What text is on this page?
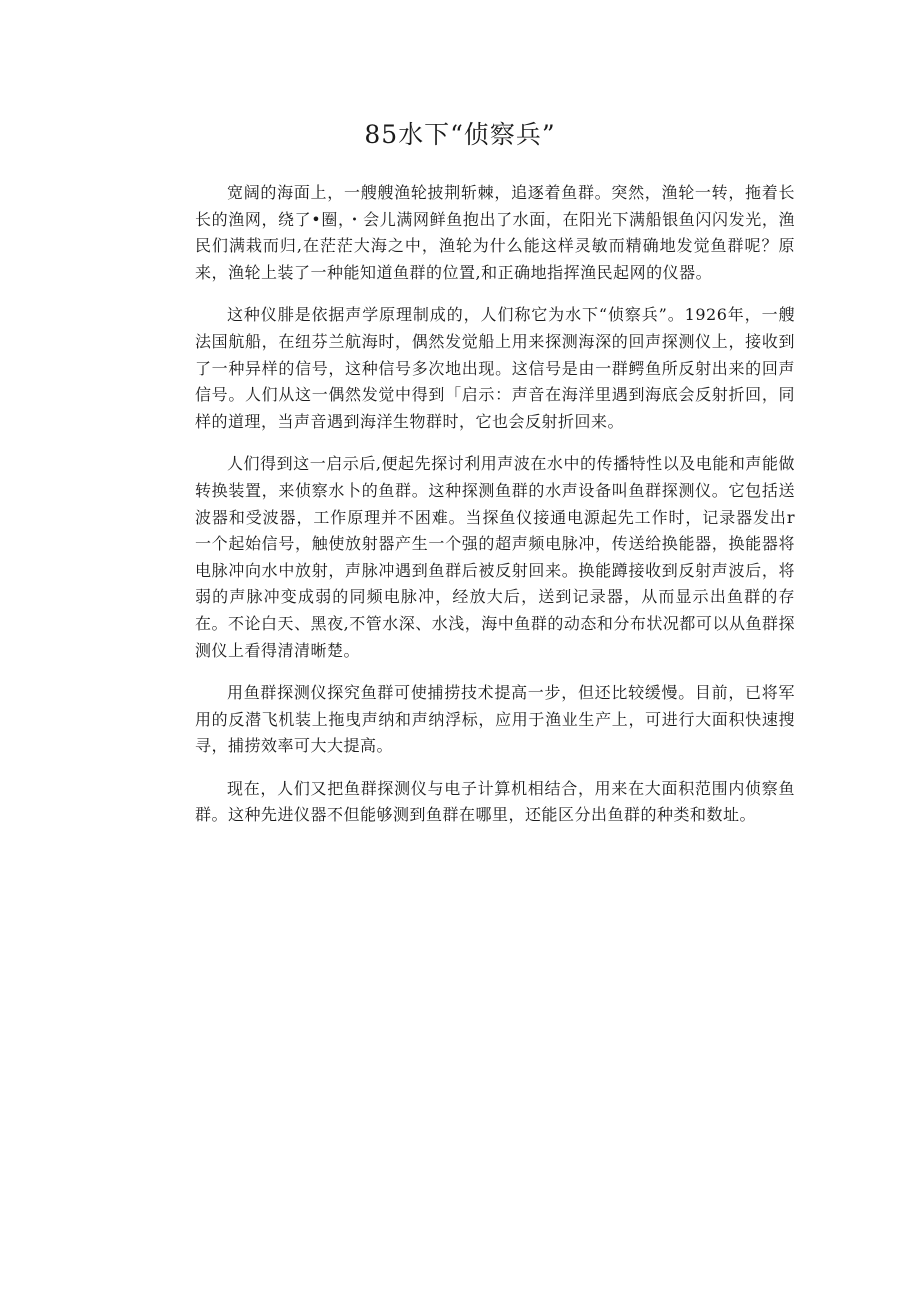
85水下“侦察兵”

宽阔的海面上，一艘艘渔轮披荆斩棘，追逐着鱼群。突然，渔轮一转，拖着长长的渔网，绕了•圈，・会儿满网鲜鱼抱出了水面，在阳光下满船银鱼闪闪发光，渔民们满栽而归,在茫茫大海之中，渔轮为什么能这样灵敏而精确地发觉鱼群呢？原来，渔轮上装了一种能知道鱼群的位置,和正确地指挥渔民起网的仪器。

这种仪腓是依据声学原理制成的，人们称它为水下“侦察兵”。1926年，一艘法国航船，在纽芬兰航海时，偶然发觉船上用来探测海深的回声探测仪上，接收到了一种异样的信号，这种信号多次地出现。这信号是由一群鳄鱼所反射出来的回声信号。人们从这一偶然发觉中得到「启示：声音在海洋里遇到海底会反射折回，同样的道理，当声音遇到海洋生物群时，它也会反射折回来。

人们得到这一启示后,便起先探讨利用声波在水中的传播特性以及电能和声能做转换装置，来侦察水卜的鱼群。这种探测鱼群的水声设备叫鱼群探测仪。它包括送波器和受波器，工作原理并不困难。当探鱼仪接通电源起先工作时，记录器发出r一个起始信号，触使放射器产生一个强的超声频电脉冲，传送给换能器，换能器将电脉冲向水中放射，声脉冲遇到鱼群后被反射回来。换能蹲接收到反射声波后，将弱的声脉冲变成弱的同频电脉冲，经放大后，送到记录器，从而显示出鱼群的存在。不论白天、黑夜,不管水深、水浅，海中鱼群的动态和分布状况都可以从鱼群探测仪上看得清清晰楚。

用鱼群探测仪探究鱼群可使捕捞技术提高一步，但还比较缓慢。目前，已将军用的反潜飞机装上拖曳声纳和声纳浮标，应用于渔业生产上，可进行大面积快速搜寻，捕捞效率可大大提高。

现在，人们又把鱼群探测仪与电子计算机相结合，用来在大面积范围内侦察鱼群。这种先进仪器不但能够测到鱼群在哪里，还能区分出鱼群的种类和数址。
